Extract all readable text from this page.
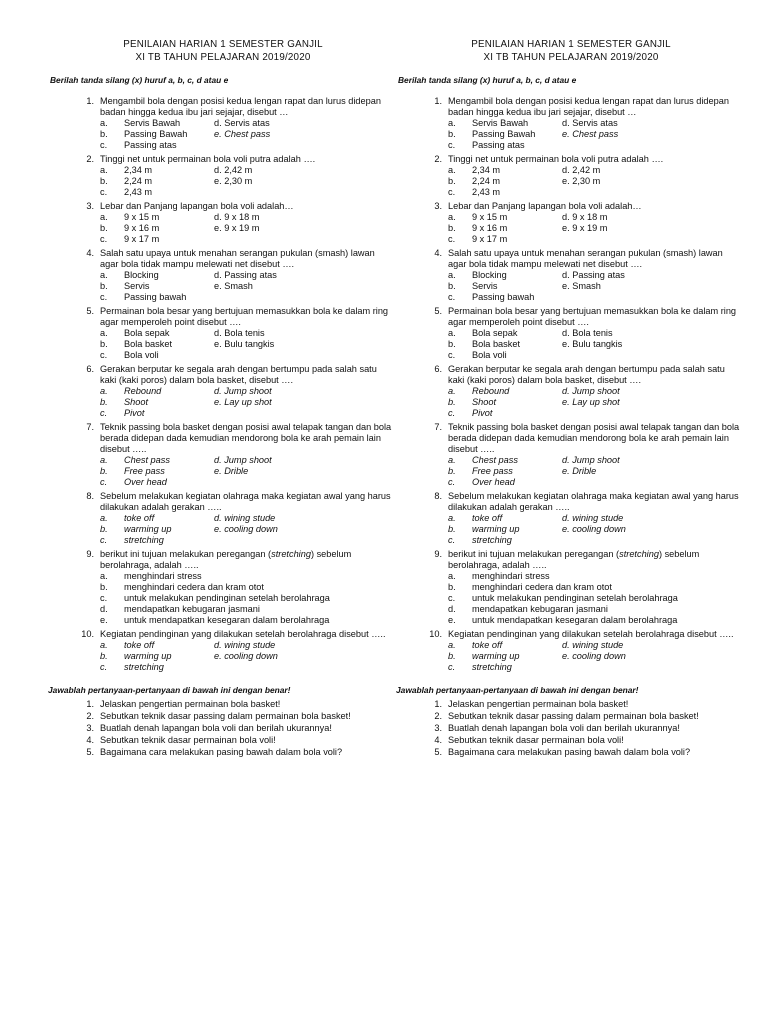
PENILAIAN HARIAN 1 SEMESTER GANJIL
XI TB TAHUN PELAJARAN 2019/2020
Berilah tanda silang (x) huruf a, b, c, d atau e
1. Mengambil bola dengan posisi kedua lengan rapat dan lurus didepan badan hingga kedua ibu jari sejajar, disebut …
a.	Servis Bawah	d. Servis atas
b.	Passing Bawah	e. Chest pass
c.	Passing atas
2. Tinggi net untuk permainan bola voli putra adalah ….
a.	2,34 m	d. 2,42 m
b.	2,24 m	e. 2,30 m
c.	2,43 m
3. Lebar dan Panjang lapangan bola voli adalah…
a.	9 x 15 m	d. 9 x 18 m
b.	9 x 16 m	e. 9 x 19 m
c.	9 x 17 m
4. Salah satu upaya untuk menahan serangan pukulan (smash) lawan agar bola tidak mampu melewati net disebut ….
a.	Blocking	d. Passing atas
b.	Servis	e. Smash
c.	Passing bawah
5. Permainan bola besar yang bertujuan memasukkan bola ke dalam ring agar memperoleh point disebut ….
a.	Bola sepak	d. Bola tenis
b.	Bola basket	e. Bulu tangkis
c.	Bola voli
6. Gerakan berputar ke segala arah dengan bertumpu pada salah satu kaki (kaki poros) dalam bola basket, disebut ….
a.	Rebound	d. Jump shoot
b.	Shoot	e. Lay up shot
c.	Pivot
7. Teknik passing bola basket dengan posisi awal telapak tangan dan bola berada didepan dada kemudian mendorong bola ke arah pemain lain disebut …..
a.	Chest pass	d. Jump shoot
b.	Free pass	e. Drible
c.	Over head
8. Sebelum melakukan kegiatan olahraga maka kegiatan awal yang harus dilakukan adalah gerakan …..
a.	toke off	d. wining stude
b.	warming up	e. cooling down
c.	stretching
9. berikut ini tujuan melakukan peregangan (stretching) sebelum berolahraga, adalah …..
a.	menghindari stress
b.	menghindari cedera dan kram otot
c.	untuk melakukan pendinginan setelah berolahraga
d.	mendapatkan kebugaran jasmani
e.	untuk mendapatkan kesegaran dalam berolahraga
10. Kegiatan pendinginan yang dilakukan setelah berolahraga disebut …..
a.	toke off	d. wining stude
b.	warming up	e. cooling down
c.	stretching
Jawablah pertanyaan-pertanyaan di bawah ini dengan benar!
1. Jelaskan pengertian permainan bola basket!
2. Sebutkan teknik dasar passing dalam permainan bola basket!
3. Buatlah denah lapangan bola voli dan berilah ukurannya!
4. Sebutkan teknik dasar permainan bola voli!
5. Bagaimana cara melakukan pasing bawah dalam bola voli?
PENILAIAN HARIAN 1 SEMESTER GANJIL
XI TB TAHUN PELAJARAN 2019/2020
Berilah tanda silang (x) huruf a, b, c, d atau e
1. Mengambil bola dengan posisi kedua lengan rapat dan lurus didepan badan hingga kedua ibu jari sejajar, disebut …
a.	Servis Bawah	d. Servis atas
b.	Passing Bawah	e. Chest pass
c.	Passing atas
2. Tinggi net untuk permainan bola voli putra adalah ….
a.	2,34 m	d. 2,42 m
b.	2,24 m	e. 2,30 m
c.	2,43 m
3. Lebar dan Panjang lapangan bola voli adalah…
a.	9 x 15 m	d. 9 x 18 m
b.	9 x 16 m	e. 9 x 19 m
c.	9 x 17 m
4. Salah satu upaya untuk menahan serangan pukulan (smash) lawan agar bola tidak mampu melewati net disebut ….
a.	Blocking	d. Passing atas
b.	Servis	e. Smash
c.	Passing bawah
5. Permainan bola besar yang bertujuan memasukkan bola ke dalam ring agar memperoleh point disebut ….
a.	Bola sepak	d. Bola tenis
b.	Bola basket	e. Bulu tangkis
c.	Bola voli
6. Gerakan berputar ke segala arah dengan bertumpu pada salah satu kaki (kaki poros) dalam bola basket, disebut ….
a.	Rebound	d. Jump shoot
b.	Shoot	e. Lay up shot
c.	Pivot
7. Teknik passing bola basket dengan posisi awal telapak tangan dan bola berada didepan dada kemudian mendorong bola ke arah pemain lain disebut …..
a.	Chest pass	d. Jump shoot
b.	Free pass	e. Drible
c.	Over head
8. Sebelum melakukan kegiatan olahraga maka kegiatan awal yang harus dilakukan adalah gerakan …..
a.	toke off	d. wining stude
b.	warming up	e. cooling down
c.	stretching
9. berikut ini tujuan melakukan peregangan (stretching) sebelum berolahraga, adalah …..
a.	menghindari stress
b.	menghindari cedera dan kram otot
c.	untuk melakukan pendinginan setelah berolahraga
d.	mendapatkan kebugaran jasmani
e.	untuk mendapatkan kesegaran dalam berolahraga
10. Kegiatan pendinginan yang dilakukan setelah berolahraga disebut …..
a.	toke off	d. wining stude
b.	warming up	e. cooling down
c.	stretching
Jawablah pertanyaan-pertanyaan di bawah ini dengan benar!
1. Jelaskan pengertian permainan bola basket!
2. Sebutkan teknik dasar passing dalam permainan bola basket!
3. Buatlah denah lapangan bola voli dan berilah ukurannya!
4. Sebutkan teknik dasar permainan bola voli!
5. Bagaimana cara melakukan pasing bawah dalam bola voli?
